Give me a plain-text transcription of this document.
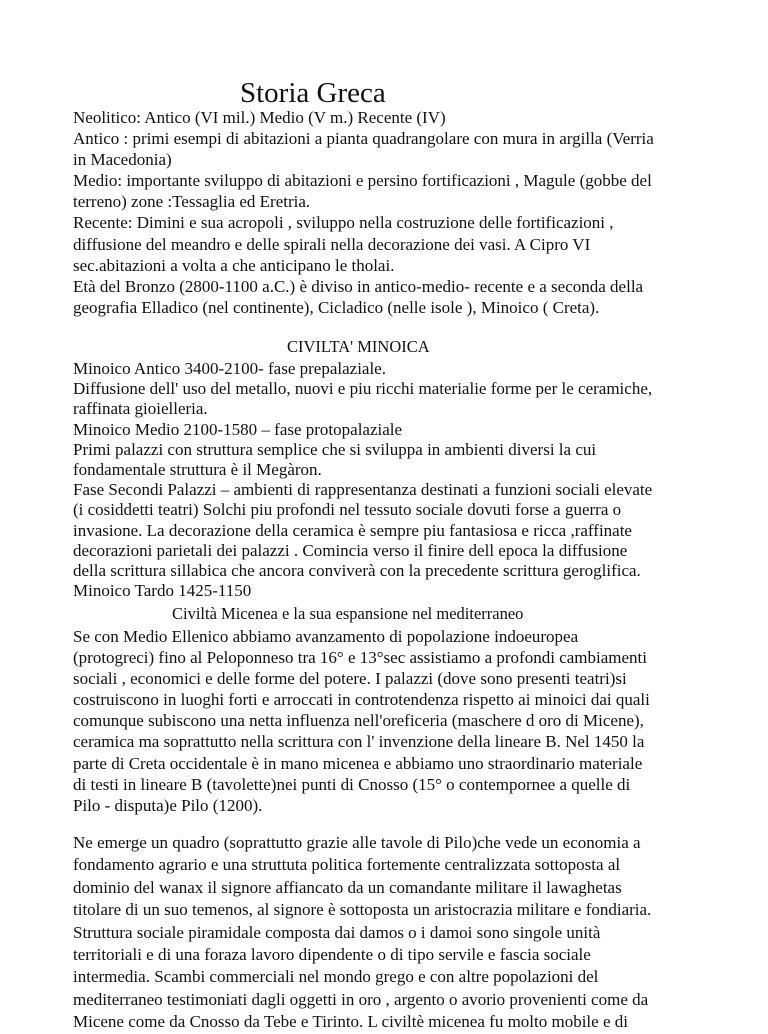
Storia Greca
Neolitico: Antico (VI mil.) Medio (V m.) Recente (IV)
Antico : primi esempi di abitazioni a pianta quadrangolare con mura in argilla (Verria
in Macedonia)
Medio: importante sviluppo di abitazioni e persino fortificazioni , Magule (gobbe del
terreno) zone :Tessaglia ed Eretria.
Recente: Dimini e sua acropoli , sviluppo nella costruzione delle fortificazioni ,
diffusione del meandro e delle spirali nella decorazione dei vasi. A Cipro VI
sec.abitazioni a volta a che anticipano le tholai.
Età del Bronzo (2800-1100 a.C.) è diviso in antico-medio- recente e a seconda della
geografia Elladico (nel continente), Cicladico (nelle isole ), Minoico ( Creta).
CIVILTA' MINOICA
Minoico Antico 3400-2100- fase prepalaziale.
Diffusione dell' uso del metallo, nuovi e piu ricchi materialie forme per le ceramiche,
raffinata gioielleria.
Minoico Medio 2100-1580 – fase protopalaziale
Primi palazzi con struttura semplice che si sviluppa in ambienti diversi la cui
fondamentale struttura è il Megàron.
Fase Secondi Palazzi – ambienti di rappresentanza destinati a funzioni sociali elevate
(i cosiddetti teatri) Solchi piu profondi nel tessuto sociale dovuti forse a guerra o
invasione. La decorazione della ceramica è sempre piu fantasiosa e ricca ,raffinate
decorazioni parietali dei palazzi . Comincia verso il finire dell epoca la diffusione
della scrittura sillabica che ancora conviverà con la precedente scrittura geroglifica.
Minoico Tardo 1425-1150
Civiltà Micenea e la sua espansione nel mediterraneo
Se con Medio Ellenico abbiamo avanzamento di popolazione indoeuropea
(protogreci) fino al Peloponneso tra 16° e 13°sec assistiamo a profondi cambiamenti
sociali , economici e delle forme del potere. I palazzi (dove sono presenti teatri)si
costruiscono in luoghi forti e arroccati in controtendenza rispetto ai minoici dai quali
comunque subiscono una netta influenza nell'oreficeria (maschere d oro di Micene),
ceramica ma soprattutto nella scrittura con l' invenzione della lineare B. Nel 1450 la
parte di Creta occidentale è in mano micenea e abbiamo uno straordinario materiale
di testi in lineare B (tavolette)nei punti di Cnosso (15° o contempornee a quelle di
Pilo - disputa)e Pilo (1200).
Ne emerge un quadro (soprattutto grazie alle tavole di Pilo)che vede un economia a
fondamento agrario e una struttuta politica fortemente centralizzata sottoposta al
dominio del wanax il signore affiancato da un comandante militare il lawaghetas
titolare di un suo temenos, al signore è sottoposta un aristocrazia militare e fondiaria.
Struttura sociale piramidale composta dai damos o i damoi sono singole unità
territoriali e di una foraza lavoro dipendente o di tipo servile e fascia sociale
intermedia. Scambi commerciali nel mondo grego e con altre popolazioni del
mediterraneo testimoniati dagli oggetti in oro , argento o avorio provenienti come da
Micene come da Cnosso da Tebe e Tirinto. L civiltè micenea fu molto mobile e di
